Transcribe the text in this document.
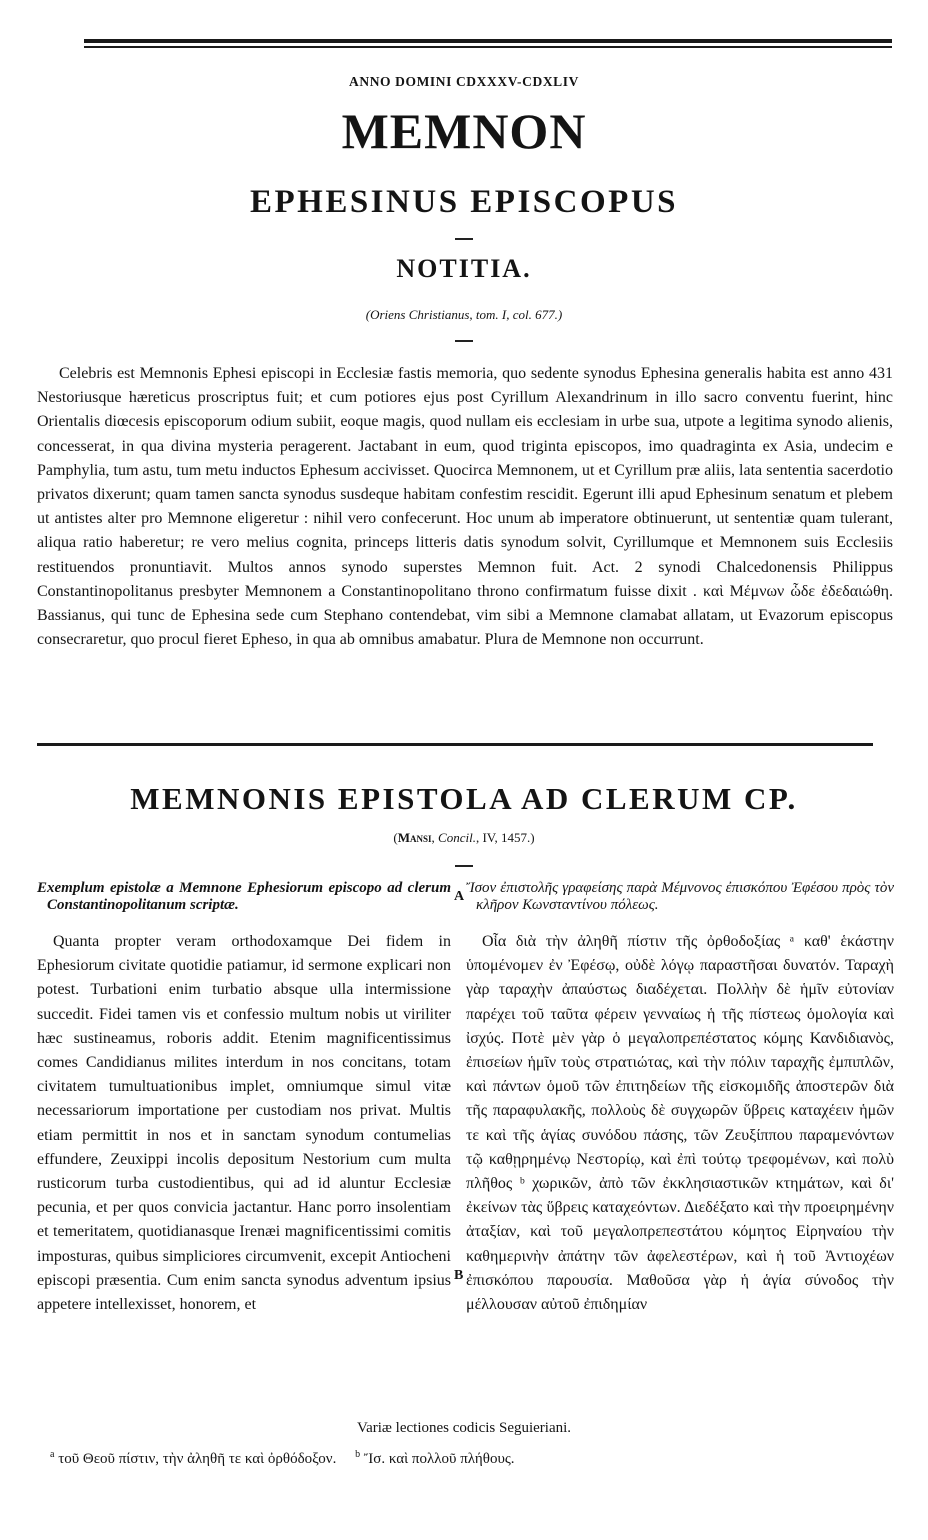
ANNO DOMINI CDXXXV-CDXLIV
MEMNON
EPHESINUS EPISCOPUS
NOTITIA.
(Oriens Christianus, tom. I, col. 677.)

Celebris est Memnonis Ephesi episcopi in Ecclesiæ fastis memoria, quo sedente synodus Ephesina generalis habita est anno 431 Nestoriusque hæreticus proscriptus fuit; et cum potiores ejus post Cyrillum Alexandrinum in illo sacro conventu fuerint, hinc Orientalis diœcesis episcoporum odium subiit, eoque magis, quod nullam eis ecclesiam in urbe sua, utpote a legitima synodo alienis, concesserat, in qua divina mysteria peragerent. Jactabant in eum, quod triginta episcopos, imo quadraginta ex Asia, undecim e Pamphylia, tum astu, tum metu inductos Ephesum accivisset. Quocirca Memnonem, ut et Cyrillum præ aliis, lata sententia sacerdotio privatos dixerunt; quam tamen sancta synodus susdeque habitam confestim rescidit. Egerunt illi apud Ephesinum senatum et plebem ut antistes alter pro Memnone eligeretur : nihil vero confecerunt. Hoc unum ab imperatore obtinuerunt, ut sententiæ quam tulerant, aliqua ratio haberetur; re vero melius cognita, princeps litteris datis synodum solvit, Cyrillumque et Memnonem suis Ecclesiis restituendos pronuntiavit. Multos annos synodo superstes Memnon fuit. Act. 2 synodi Chalcedonensis Philippus Constantinopolitanus presbyter Memnonem a Constantinopolitano throno confirmatum fuisse dixit . καὶ Μέμνων ὧδε ἐδεδαιώθη. Bassianus, qui tunc de Ephesina sede cum Stephano contendebat, vim sibi a Memnone clamabat allatam, ut Evazorum episcopus consecraretur, quo procul fieret Epheso, in qua ab omnibus amabatur. Plura de Memnone non occurrunt.

MEMNONIS EPISTOLA AD CLERUM CP.
(Mansi, Concil., IV, 1457.)

Exemplum epistolæ a Memnone Ephesiorum episcopo ad clerum Constantinopolitanum scriptæ.

Quanta propter veram orthodoxamque Dei fidem in Ephesiorum civitate quotidie patiamur, id sermone explicari non potest. Turbationi enim turbatio absque ulla intermissione succedit. Fidei tamen vis et confessio multum nobis ut viriliter hæc sustineamus, roboris addit. Etenim magnificentissimus comes Candidianus milites interdum in nos concitans, totam civitatem tumultuationibus implet, omniumque simul vitæ necessariorum importatione per custodiam nos privat. Multis etiam permittit in nos et in sanctam synodum contumelias effundere, Zeuxippi incolis depositum Nestorium cum multa rusticorum turba custodientibus, qui ad id aluntur Ecclesiæ pecunia, et per quos convicia jactantur. Hanc porro insolentiam et temeritatem, quotidianasque Irenæi magnificentissimi comitis imposturas, quibus simpliciores circumvenit, excepit Antiocheni episcopi præsentia. Cum enim sancta synodus adventum ipsius appetere intellexisset, honorem, et

A
B

Ἴσον ἐπιστολῆς γραφείσης παρὰ Μέμνονος ἐπισκόπου Ἐφέσου πρὸς τὸν κλῆρον Κωνσταντίνου πόλεως.

Οἷα διὰ τὴν ἀληθῆ πίστιν τῆς ὀρθοδοξίας ᵃ καθ' ἑκάστην ὑπομένομεν ἐν Ἐφέσῳ, οὐδὲ λόγῳ παραστῆσαι δυνατόν. Ταραχὴ γὰρ ταραχὴν ἀπαύστως διαδέχεται. Πολλὴν δὲ ἡμῖν εὐτονίαν παρέχει τοῦ ταῦτα φέρειν γενναίως ἡ τῆς πίστεως ὁμολογία καὶ ἰσχύς. Ποτὲ μὲν γὰρ ὁ μεγαλοπρεπέστατος κόμης Κανδιδιανὸς, ἐπισείων ἡμῖν τοὺς στρατιώτας, καὶ τὴν πόλιν ταραχῆς ἐμπιπλῶν, καὶ πάντων ὁμοῦ τῶν ἐπιτηδείων τῆς εἰσκομιδῆς ἀποστερῶν διὰ τῆς παραφυλακῆς, πολλοὺς δὲ συγχωρῶν ὕβρεις καταχέειν ἡμῶν τε καὶ τῆς ἁγίας συνόδου πάσης, τῶν Ζευξίππου παραμενόντων τῷ καθῃρημένῳ Νεστορίῳ, καὶ ἐπὶ τούτῳ τρεφομένων, καὶ πολὺ πλῆθος ᵇ χωρικῶν, ἀπὸ τῶν ἐκκλησιαστικῶν κτημάτων, καὶ δι' ἐκείνων τὰς ὕβρεις καταχεόντων. Διεδέξατο καὶ τὴν προειρημένην ἀταξίαν, καὶ τοῦ μεγαλοπρεπεστάτου κόμητος Εἰρηναίου τὴν καθημερινὴν ἀπάτην τῶν ἀφελεστέρων, καὶ ἡ τοῦ Ἀντιοχέων ἐπισκόπου παρουσία. Μαθοῦσα γὰρ ἡ ἁγία σύνοδος τὴν μέλλουσαν αὐτοῦ ἐπιδημίαν

Variæ lectiones codicis Seguieriani.
$^a$ τοῦ Θεοῦ πίστιν, τὴν ἀληθῆ τε καὶ ὀρθόδοξον. $^b$ Ἴσ. καὶ πολλοῦ πλήθους.
